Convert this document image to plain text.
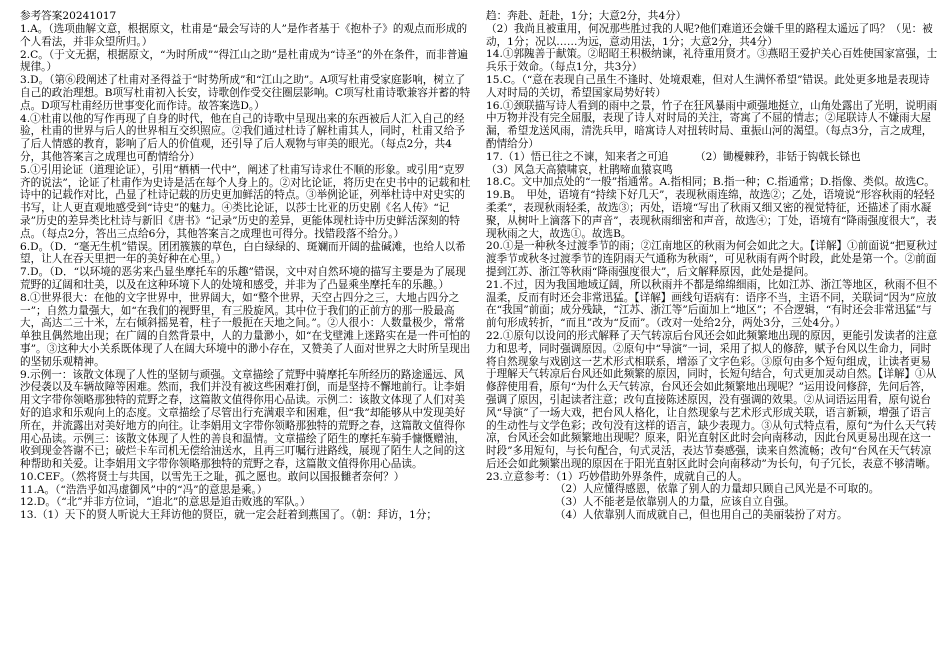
参考答案20241017

1.A。（选项曲解文意，根据原文，杜甫是“最会写诗的人”是作者基于《抱朴子》的观点而形成的个人看法，并非众望所归。）

2.C。（于文无据，根据原文，“为时所成”“得江山之助”是杜甫成为“诗圣”的外在条件，而非普遍规律。）

3.D。（第⑥段阐述了杜甫对圣得益于“时势所成”和“江山之助”。A项写杜甫受家庭影响，树立了自己的政治理想。B项写杜甫初入长安，诗歌创作受交往圈层影响。C项写杜甫诗歌兼容并蓄的特点。D项写杜甫经历世事变化而作诗。故答案选D。）

4.①杜甫以他的写作再现了自身的时代，他在自己的诗歌中呈现出来的东西被后人汇入自己的经验，杜甫的世界与后人的世界相互交织照应。②我们通过杜诗了解杜甫其人，同时，杜甫又给予了后人情感的教育，影响了后人的价值观，还引导了后人观物与审美的眼光。（每点2分，共4分，其他答案言之成理也可酌情给分）

5.①引用论证（道理论证），引用“栖栖一代中”，阐述了杜甫写诗求仕不顺的形象。或引用“克罗齐的说法”，论证了杜甫作为史诗是活在每个人身上的。②对比论证，将历史在史书中的记载和杜诗中的记载作对比，凸显了杜诗记载的历史更加鲜活的特点。③举例论证，列举杜诗中对史实的书写，让人更直观地感受到“诗史”的魅力。④类比论证，以莎士比亚的历史剧《名人传》“记录”历史的差异类比杜诗与新旧《唐书》“记录”历史的差异，更能体现杜诗中历史鲜活深刻的特点。（每点2分，答出三点给6分，其他答案言之成理也可得分。找错段落不给分。）

6.D。（D．“毫无生机”错误。团团簇簇的草色，白白绿绿的、斑斓而开阔的盐碱滩，也给人以希望，让人在吞天里把一年的美好种在心里。）

7.D。（D．“以环境的恶劣来凸显坐摩托车的乐趣”错误，文中对自然环境的描写主要是为了展现荒野的辽阔和壮美，以及在这种环境下人的处境和感受，并非为了凸显乘坐摩托车的乐趣。）

8.①世界很大：在他的文字世界中，世界阔大，如“整个世界，天空占四分之三，大地占四分之一”；自然力量强大，如“在我们的视野里，有三股旋风。其中位于我们的正前方的那一股最高大，高达二三十米，左右倾斜摇晃着，柱子一般扼在天地之间。”。②人很小：人数量极少，常常单独且偶然地出现；在广阔的自然背景中，人的力量渺小，如“在戈壁滩上迷路实在是一件可怕的事”。③这种大小关系既体现了人在阔大环境中的渺小存在，又赞美了人面对世界之大时所呈现出的坚韧乐观精神。

9.示例一：该散文体现了人性的坚韧与顽强。文章描绘了荒野中骑摩托车所经历的路途遥远、风沙侵袭以及车辆故障等困难。然而，我们并没有被这些困难打倒，而是坚持不懈地前行。让李娟用文字带你领略那独特的荒野之春，这篇散文值得你用心品读。示例二：该散文体现了人们对美好的追求和乐观向上的态度。文章描绘了尽管出行充满艰辛和困难，但“我”却能够从中发现美好所在，并流露出对美好地方的向往。让李娟用文字带你领略那独特的荒野之春，这篇散文值得你用心品读。示例三：该散文体现了人性的善良和温情。文章描绘了陌生的摩托车骑手慷慨赠油，收到现金答谢不已；破烂卡车司机无偿给油送水，且再三叮嘱行进路线，展现了陌生人之间的这种帮助和关爱。让李娟用文字带你领略那独特的荒野之春，这篇散文值得你用心品读。

10.CEF。（然将贤士与共国，以雪先王之耻，孤之愿也。敢问以国报雠者奈何？）

11.A。（“浩浩乎如冯虚御风”中的“冯”的意思是乘。）

12.D。（“北”并非方位词，“追北”的意思是追击败逃的军队。）

13.（1）天下的贤人听说大王拜访他的贤臣，就一定会赶着到燕国了。（朝：拜访，1分；

趋：奔赴、赶赴，1分；大意2分，共4分）

（2）我尚且被重用，何况那些胜过我的人呢?他们难道还会嫌千里的路程太遥远了吗？（见：被动，1分；况以……为远，意动用法，1分；大意2分，共4分）

14.①郭隗善于献策。②昭昭王积极纳谏，礼待重用贤才。③燕昭王爱护关心百姓使国家富强，士兵乐于效命。（每点1分，共3分）

15.C。（“意在表现自己虽生不逢时、处境艰难，但对人生满怀希望”错误。此处更多地是表现诗人对时局的关切，希望国家局势好转）

16.①颈联描写诗人看到的雨中之景，竹子在狂风暴雨中顽强地挺立，山角处露出了光明，说明雨中万物并没有完全屈服，表现了诗人对时局的关注，寄寓了不屈的情志；②尾联诗人不嫌雨大屋漏，希望龙送风雨，清洗兵甲，暗寓诗人对扭转时局、重振山河的渴望。（每点3分，言之成理，酌情给分）

17.（1）悟已往之不谏，知来者之可追　　　（2）锄櫌棘矜，非铦于钩戟长铩也

（3）风急天高猿啸哀，杜鹃啼血猿哀鸣

18.C。文中加点处的“一般”指通常。A.指相同；B.指一种；C.指通常；D.指像、类似。故选C。

19.B。　甲处，语境有“持续下好几天”，表现秋雨连绵，故选②；乙处，语境说“形容秋雨的轻轻柔柔”，表现秋雨轻柔，故选③；丙处，语境“写出了秋雨又细又密的视觉特征，还描述了雨水凝聚，从树叶上滴落下的声音”，表现秋雨细密和声音，故选④；丁处，语境有“降雨强度很大”，表现秋雨之大，故选①。故选B。

20.①是一种秋冬过渡季节的雨；②江南地区的秋雨为何会如此之大。【详解】①前面说“把夏秋过渡季节或秋冬过渡季节的连阴雨天气通称为秋雨”，可见秋雨有两个时段，此处是第一个。②前面提到江苏、浙江等秋雨“降雨强度很大”，后文解释原因，此处是提问。

21.不过，因为我国地域辽阔，所以秋雨并不都是绵绵细雨，比如江苏、浙江等地区，秋雨不但不温柔，反而有时还会非常迅猛。【详解】画线句语病有：语序不当，主语不同，关联词“因为”应放在“我国”前面；成分残缺，“江苏、浙江等”后面加上“地区”；不合逻辑，“有时还会非常迅猛”与前句形成转折，“而且”改为“反而”。（改对一处给2分，两处3分，三处4分。）

22.①原句以设问的形式解释了天气转凉后台风还会如此频繁地出现的原因，更能引发读者的注意力和思考，同时强调原因。②原句中“导演”一词，采用了拟人的修辞，赋予台风以生命力，同时将自然现象与戏剧这一艺术形式相联系，增添了文字色彩。③原句由多个短句组成，让读者更易于理解天气转凉后台风还如此频繁的原因，同时，长短句结合，句式更加灵动自然。【详解】①从修辞使用看，原句“为什么天气转凉，台风还会如此频繁地出现呢？”运用设问修辞，先问后答，强调了原因，引起读者注意；改句直接陈述原因，没有强调的效果。②从词语运用看，原句说台风“导演”了一场大戏，把台风人格化，让自然现象与艺术形式形成关联，语言新颖，增强了语言的生动性与文学色彩；改句没有这样的语言，缺少表现力。③从句式特点看，原句“为什么天气转凉，台风还会如此频繁地出现呢？原来，阳光直射区此时会向南移动，因此台风更易出现在这一时段”多用短句，与长句配合，句式灵活，表达节奏感强，读来自然流畅；改句“台风在天气转凉后还会如此频繁出现的原因在于阳光直射区此时会向南移动”为长句，句子冗长，表意不够清晰。

23.立意参考：（1）巧妙借助外界条件，成就自己的人。

　　　　　　　（2）人应懂得感恩，依靠了别人的力量却只顾自己风光是不可取的。

　　　　　　　（3）人不能老是依靠别人的力量，应该自立自强。

　　　　　　　（4）人依靠别人而成就自己，但也用自己的美丽装扮了对方。
